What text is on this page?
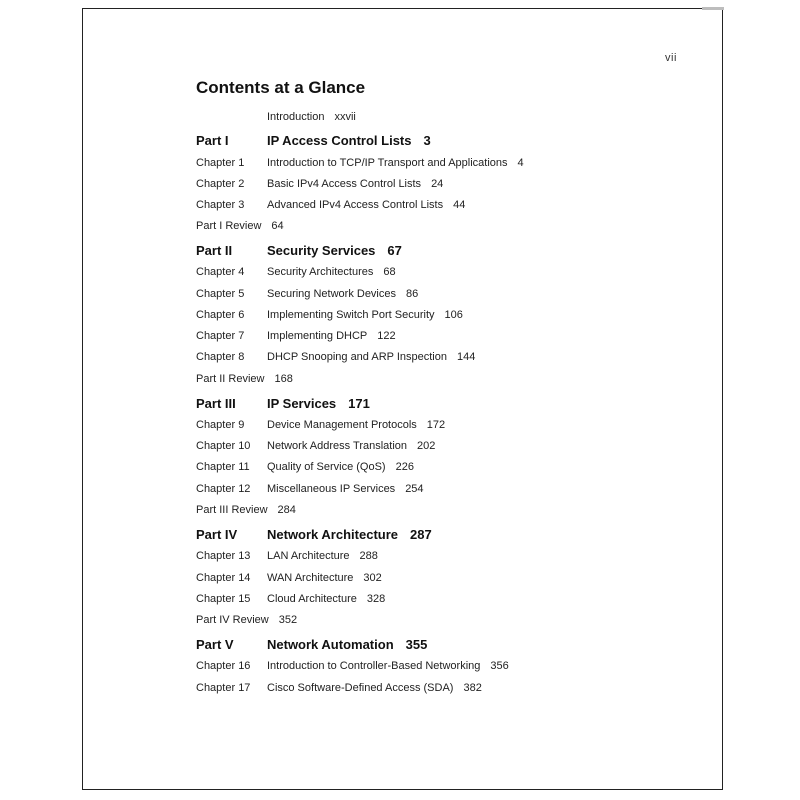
vii
Contents at a Glance
Introduction xxvii
Part I	IP Access Control Lists 3
Chapter 1 Introduction to TCP/IP Transport and Applications 4
Chapter 2 Basic IPv4 Access Control Lists 24
Chapter 3 Advanced IPv4 Access Control Lists 44
Part I Review 64
Part II	Security Services 67
Chapter 4 Security Architectures 68
Chapter 5 Securing Network Devices 86
Chapter 6 Implementing Switch Port Security 106
Chapter 7 Implementing DHCP 122
Chapter 8 DHCP Snooping and ARP Inspection 144
Part II Review 168
Part III IP Services 171
Chapter 9 Device Management Protocols 172
Chapter 10 Network Address Translation 202
Chapter 11 Quality of Service (QoS) 226
Chapter 12 Miscellaneous IP Services 254
Part III Review 284
Part IV Network Architecture 287
Chapter 13 LAN Architecture 288
Chapter 14 WAN Architecture 302
Chapter 15 Cloud Architecture 328
Part IV Review 352
Part V	Network Automation 355
Chapter 16 Introduction to Controller-Based Networking 356
Chapter 17 Cisco Software-Defined Access (SDA) 382
